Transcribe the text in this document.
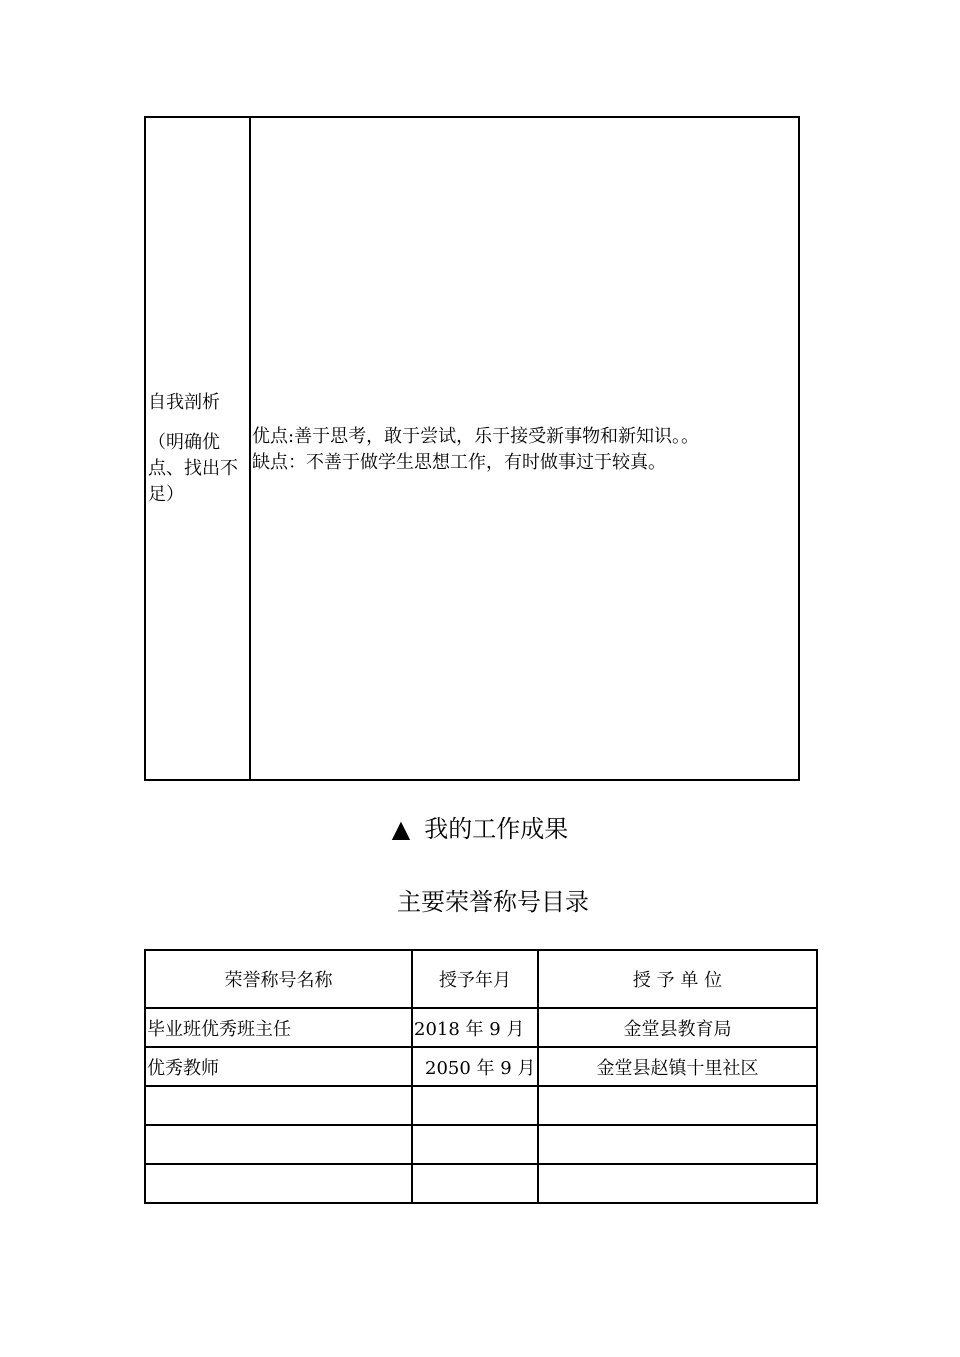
自我剖析
（明确优
点、找出不
足）

优点:善于思考，敢于尝试，乐于接受新事物和新知识。。
缺点：不善于做学生思想工作，有时做事过于较真。
▲ 我的工作成果
主要荣誉称号目录
荣誉称号名称	授予年月	授 予 单 位
毕业班优秀班主任	2018 年 9 月	金堂县教育局
优秀教师	2050 年 9 月	金堂县赵镇十里社区
